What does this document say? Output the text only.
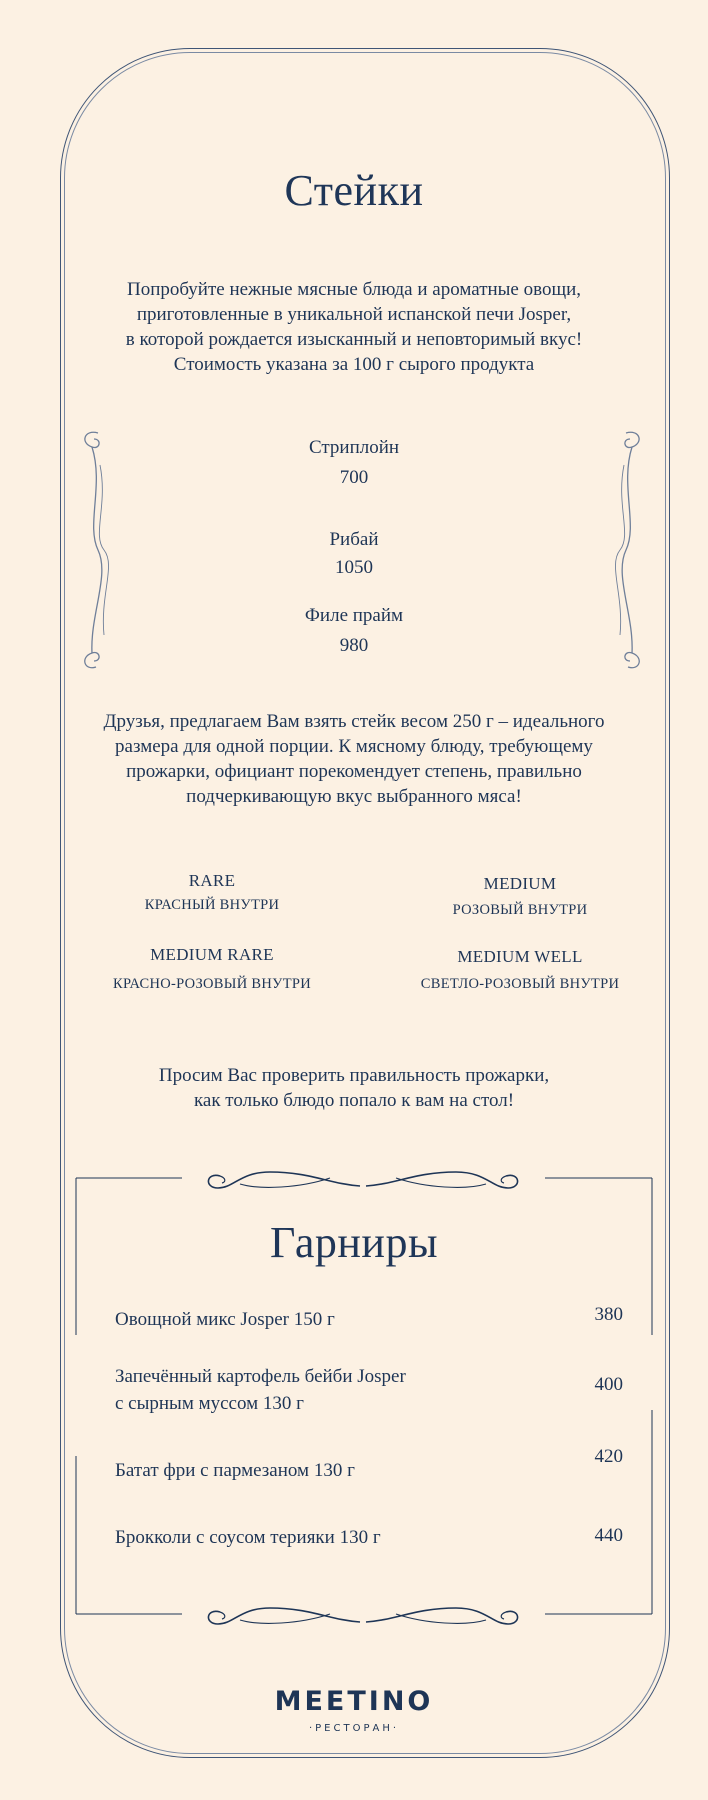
Стейки

Попробуйте нежные мясные блюда и ароматные овощи,

приготовленные в уникальной испанской печи Josper,

в которой рождается изысканный и неповторимый вкус!

Стоимость указана за 100 г сырого продукта

Стриплойн
700
Рибай
1050
Филе прайм
980

Друзья, предлагаем Вам взять стейк весом 250 г – идеального

размера для одной порции. К мясному блюду, требующему

прожарки, официант порекомендует степень, правильно

подчеркивающую вкус выбранного мяса!

RARE
КРАСНЫЙ ВНУТРИ
MEDIUM
РОЗОВЫЙ ВНУТРИ
MEDIUM RARE
КРАСНО-РОЗОВЫЙ ВНУТРИ
MEDIUM WELL
СВЕТЛО-РОЗОВЫЙ ВНУТРИ

Просим Вас проверить правильность прожарки,

как только блюдо попало к вам на стол!

Гарниры
Овощной микс Josper 150 г	380
Запечённый картофель бейби Josper
с сырным муссом 130 г
400
Батат фри с пармезаном 130 г
420
Брокколи с соусом терияки 130 г	440
MEETINO
·РЕСТОРАН·
